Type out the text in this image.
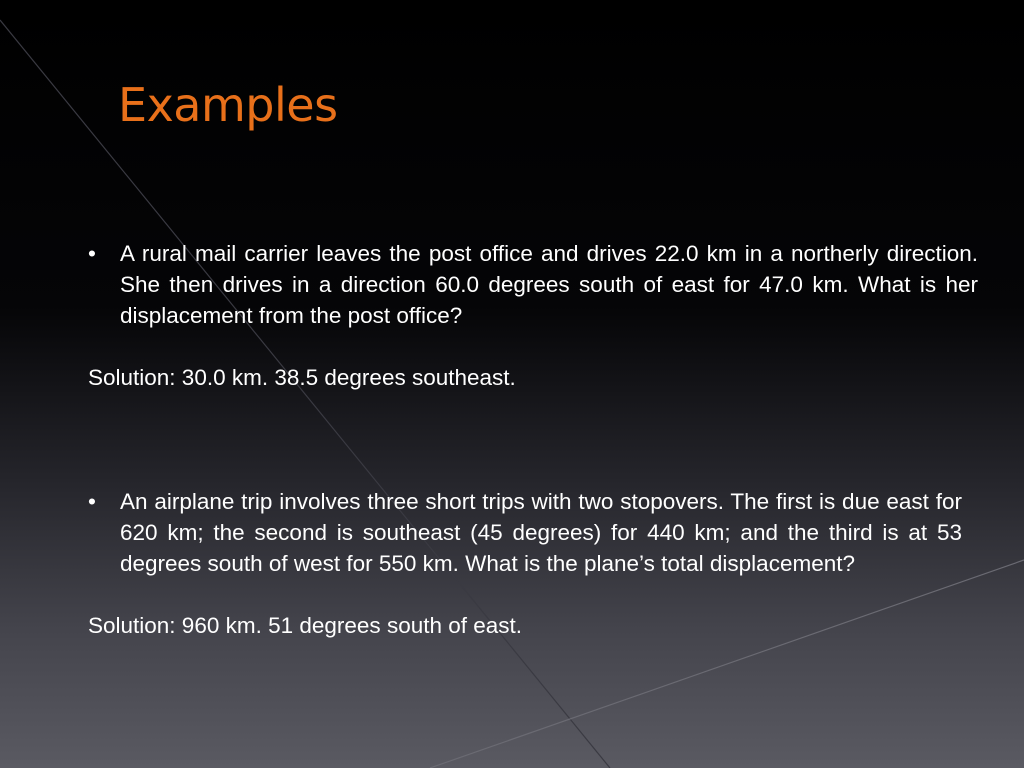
Examples

• A rural mail carrier leaves the post office and drives 22.0 km in a northerly direction. She then drives in a direction 60.0 degrees south of east for 47.0 km. What is her displacement from the post office?

Solution: 30.0 km. 38.5 degrees southeast.

• An airplane trip involves three short trips with two stopovers. The first is due east for 620 km; the second is southeast (45 degrees) for 440 km; and the third is at 53 degrees south of west for 550 km. What is the plane’s total displacement?

Solution: 960 km. 51 degrees south of east.
